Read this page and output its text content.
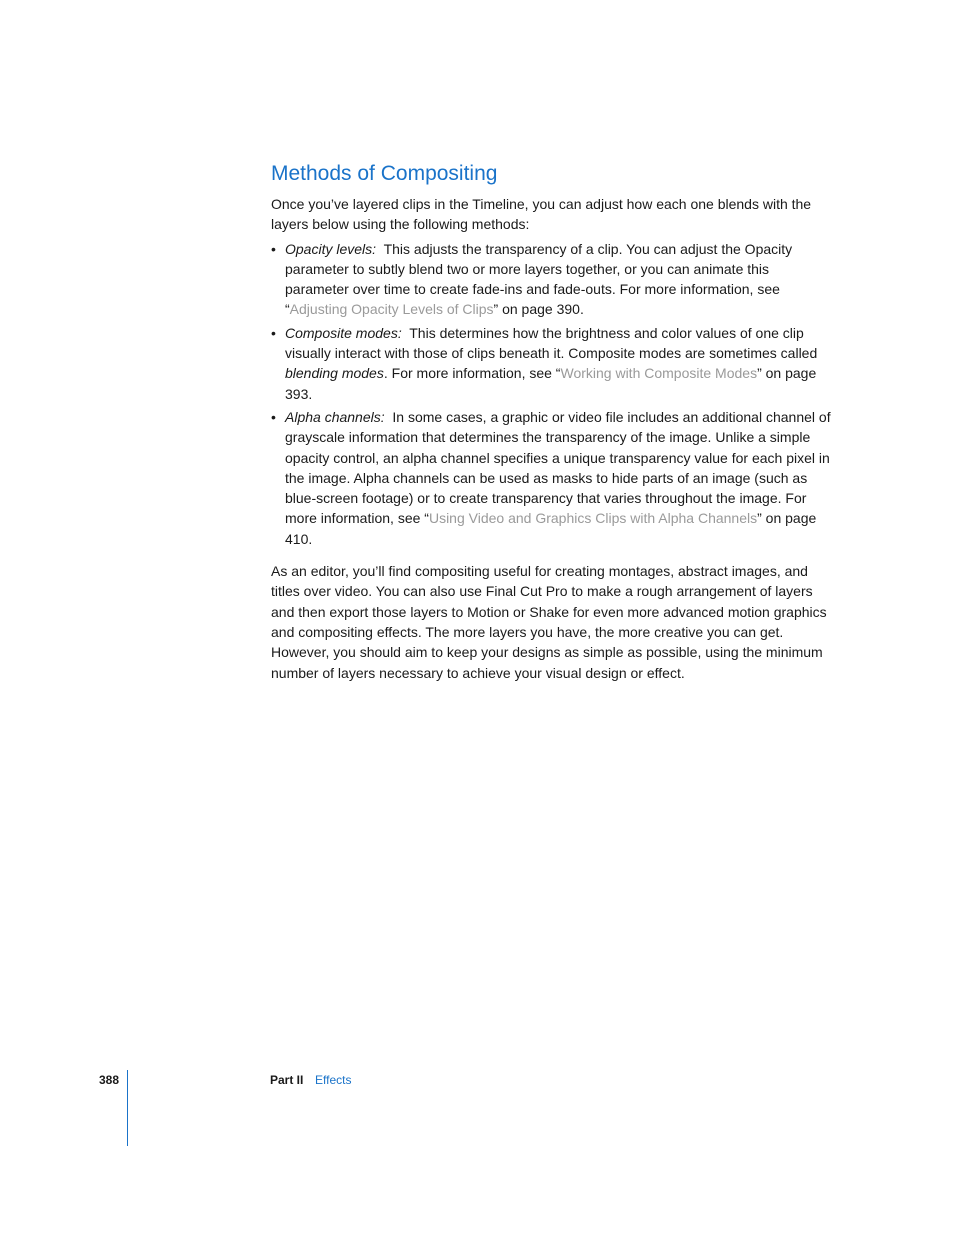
Methods of Compositing

Once you’ve layered clips in the Timeline, you can adjust how each one blends with the layers below using the following methods:

• Opacity levels: This adjusts the transparency of a clip. You can adjust the Opacity parameter to subtly blend two or more layers together, or you can animate this parameter over time to create fade-ins and fade-outs. For more information, see “Adjusting Opacity Levels of Clips” on page 390.
• Composite modes: This determines how the brightness and color values of one clip visually interact with those of clips beneath it. Composite modes are sometimes called blending modes. For more information, see “Working with Composite Modes” on page 393.
• Alpha channels: In some cases, a graphic or video file includes an additional channel of grayscale information that determines the transparency of the image. Unlike a simple opacity control, an alpha channel specifies a unique transparency value for each pixel in the image. Alpha channels can be used as masks to hide parts of an image (such as blue-screen footage) or to create transparency that varies throughout the image. For more information, see “Using Video and Graphics Clips with Alpha Channels” on page 410.

As an editor, you’ll find compositing useful for creating montages, abstract images, and titles over video. You can also use Final Cut Pro to make a rough arrangement of layers and then export those layers to Motion or Shake for even more advanced motion graphics and compositing effects. The more layers you have, the more creative you can get. However, you should aim to keep your designs as simple as possible, using the minimum number of layers necessary to achieve your visual design or effect.

388	Part II Effects
